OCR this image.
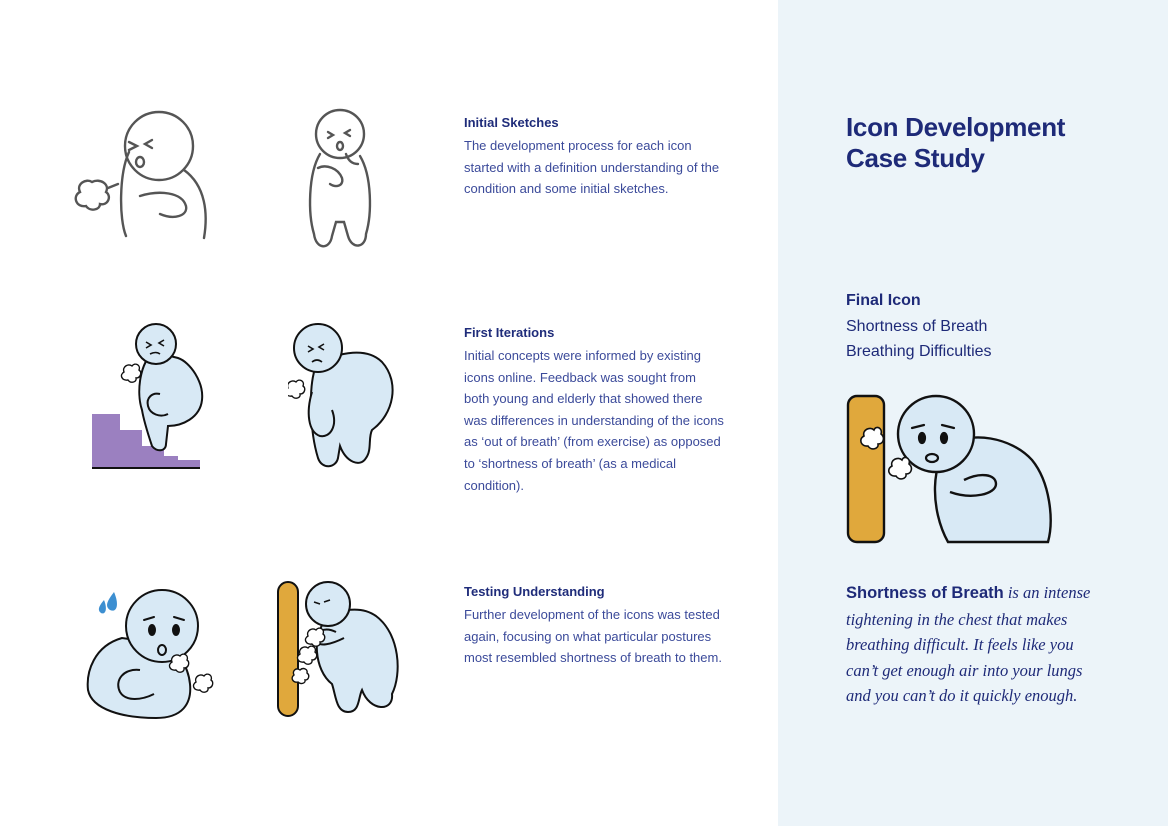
Initial Sketches

The development process for each icon started with a definition understanding of the condition and some initial sketches.

First Iterations

Initial concepts were informed by existing icons online. Feedback was sought from both young and elderly that showed there was differences in understanding of the icons as ‘out of breath’ (from exercise) as opposed to ‘shortness of breath’ (as a medical condition).

Testing Understanding

Further development of the icons was tested again, focusing on what particular postures most resembled shortness of breath to them.

Icon Development
Case Study
Final Icon
Shortness of Breath
Breathing Difficulties

Shortness of Breath is an intense tightening in the chest that makes breathing difficult. It feels like you can’t get enough air into your lungs and you can’t do it quickly enough.
